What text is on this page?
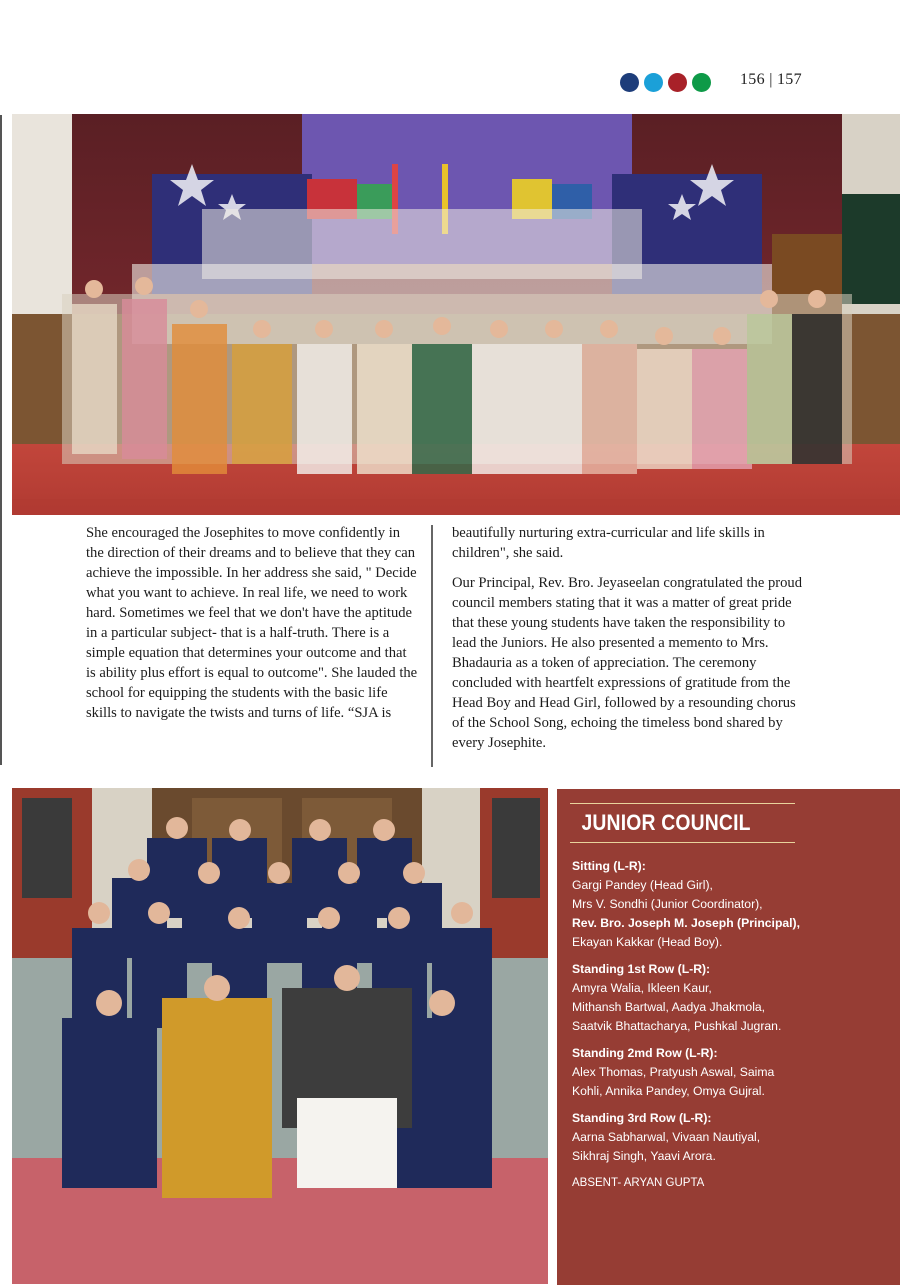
156 | 157

She encouraged the Josephites to move confidently in the direction of their dreams and to believe that they can achieve the impossible. In her address she said, " Decide what you want to achieve. In real life, we need to work hard. Sometimes we feel that we don't have the aptitude in a particular subject- that is a half-truth. There is a simple equation that determines your outcome and that is ability plus effort is equal to outcome". She lauded the school for equipping the students with the basic life skills to navigate the twists and turns of life. “SJA is

beautifully nurturing extra-curricular and life skills in children", she said.

Our Principal, Rev. Bro. Jeyaseelan congratulated the proud council members stating that it was a matter of great pride that these young students have taken the responsibility to lead the Juniors. He also presented a memento to Mrs. Bhadauria as a token of appreciation. The ceremony concluded with heartfelt expressions of gratitude from the Head Boy and Head Girl, followed by a resounding chorus of the School Song, echoing the timeless bond shared by every Josephite.

JUNIOR COUNCIL
Sitting (L-R):
Gargi Pandey (Head Girl),
Mrs V. Sondhi (Junior Coordinator),
Rev. Bro. Joseph M. Joseph (Principal),
Ekayan Kakkar (Head Boy).
Standing 1st Row (L-R):
Amyra Walia, Ikleen Kaur,
Mithansh Bartwal, Aadya Jhakmola,
Saatvik Bhattacharya, Pushkal Jugran.
Standing 2md Row (L-R):
Alex Thomas, Pratyush Aswal, Saima
Kohli, Annika Pandey, Omya Gujral.
Standing 3rd Row (L-R):
Aarna Sabharwal, Vivaan Nautiyal,
Sikhraj Singh, Yaavi Arora.
ABSENT- ARYAN GUPTA
